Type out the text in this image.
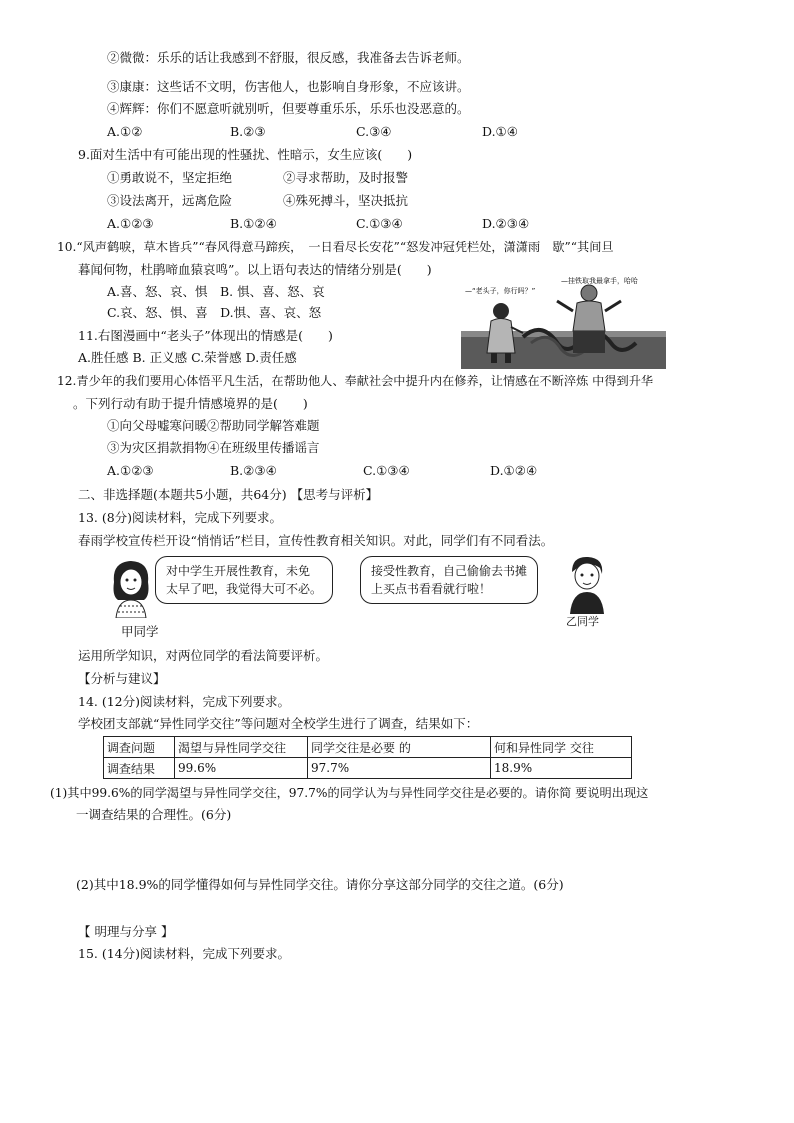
②微微：乐乐的话让我感到不舒服，很反感，我准备去告诉老师。
③康康：这些话不文明，伤害他人，也影响自身形象，不应该讲。
④辉辉：你们不愿意听就别听，但要尊重乐乐，乐乐也没恶意的。
A.①②	B.②③	C.③④	D.①④
9.面对生活中有可能出现的性骚扰、性暗示，女生应该(　　)
①勇敢说不，坚定拒绝	②寻求帮助，及时报警
③设法离开，远离危险	④殊死搏斗，坚决抵抗
A.①②③	B.①②④	C.①③④	D.②③④
10.“风声鹤唳，草木皆兵”“春风得意马蹄疾，　一日看尽长安花”“怒发冲冠凭栏处，潇潇雨　歇”“其间旦
暮闻何物，杜鹃啼血猿哀鸣”。以上语句表达的情绪分别是(　　)
A.喜、怒、哀、惧　B. 惧、喜、怒、哀
C.哀、怒、惧、喜　D.惧、喜、哀、怒
—“老头子，你行吗？”
—挂铁取我最拿手，哈哈
11.右图漫画中“老头子”体现出的情感是(　　)
A.胜任感 B. 正义感 C.荣誉感 D.责任感
12.青少年的我们要用心体悟平凡生活，在帮助他人、奉献社会中提升内在修养，让情感在不断淬炼 中得到升华
。下列行动有助于提升情感境界的是(　　)
①向父母嘘寒问暖②帮助同学解答难题
③为灾区捐款捐物④在班级里传播谣言
A.①②③	B.②③④	C.①③④	D.①②④
二、非选择题(本题共5小题，共64分) 【思考与评析】
13. (8分)阅读材料，完成下列要求。
春雨学校宣传栏开设“悄悄话”栏目，宣传性教育相关知识。对此，同学们有不同看法。
对中学生开展性教育，未免
太早了吧，我觉得大可不必。
甲同学
接受性教育，自己偷偷去书摊
上买点书看看就行啦！
乙同学
运用所学知识，对两位同学的看法简要评析。
【分析与建议】
14. (12分)阅读材料，完成下列要求。
学校团支部就“异性同学交往”等问题对全校学生进行了调查，结果如下：
调查问题	渴望与异性同学交往	同学交往是必要 的	何和异性同学 交往
调查结果	99.6%	97.7%	18.9%
(1)其中99.6%的同学渴望与异性同学交往，97.7%的同学认为与异性同学交往是必要的。请你简 要说明出现这
一调查结果的合理性。(6分)
(2)其中18.9%的同学懂得如何与异性同学交往。请你分享这部分同学的交往之道。(6分)
【 明理与分享 】
15. (14分)阅读材料，完成下列要求。
